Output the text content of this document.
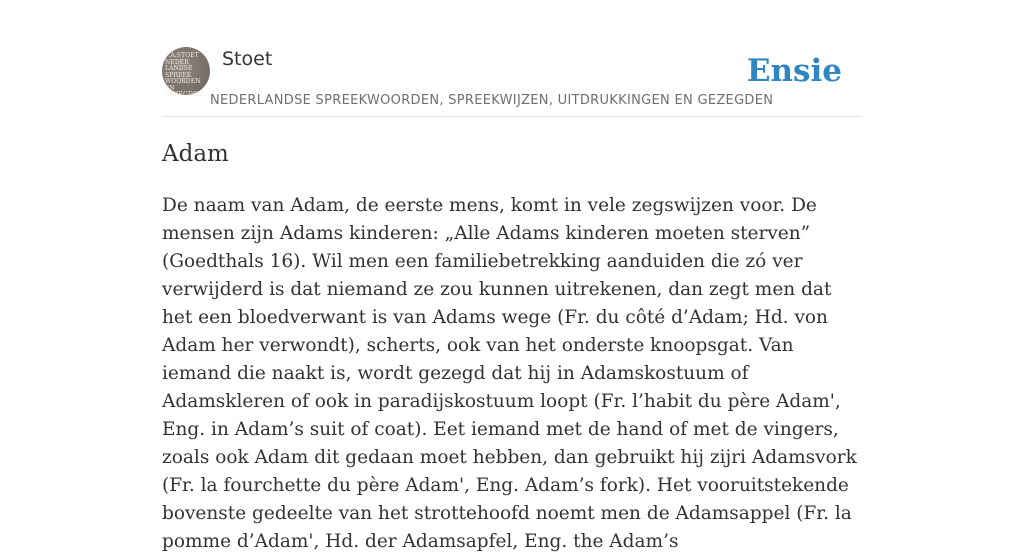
F.A.STOET
NEDER
LANDSE
SPREEK
WOORDEN EN
GEZEGDEN
Stoet	Ensie
NEDERLANDSE SPREEKWOORDEN, SPREEKWIJZEN, UITDRUKKINGEN EN GEZEGDEN
Adam

De naam van Adam, de eerste mens, komt in vele zegswijzen voor. De mensen zijn Adams kinderen: „Alle Adams kinderen moeten sterven” (Goedthals 16). Wil men een familiebetrekking aanduiden die zó ver verwijderd is dat niemand ze zou kunnen uitrekenen, dan zegt men dat het een bloedverwant is van Adams wege (Fr. du côté d’Adam; Hd. von Adam her verwondt), scherts, ook van het onderste knoopsgat. Van iemand die naakt is, wordt gezegd dat hij in Adamskostuum of Adamskleren of ook in paradijskostuum loopt (Fr. l’habit du père Adam', Eng. in Adam’s suit of coat). Eet iemand met de hand of met de vingers, zoals ook Adam dit gedaan moet hebben, dan gebruikt hij zijri Adamsvork (Fr. la fourchette du père Adam', Eng. Adam’s fork). Het vooruitstekende bovenste gedeelte van het strottehoofd noemt men de Adamsappel (Fr. la pomme d’Adam', Hd. der Adamsapfel, Eng. the Adam’s
